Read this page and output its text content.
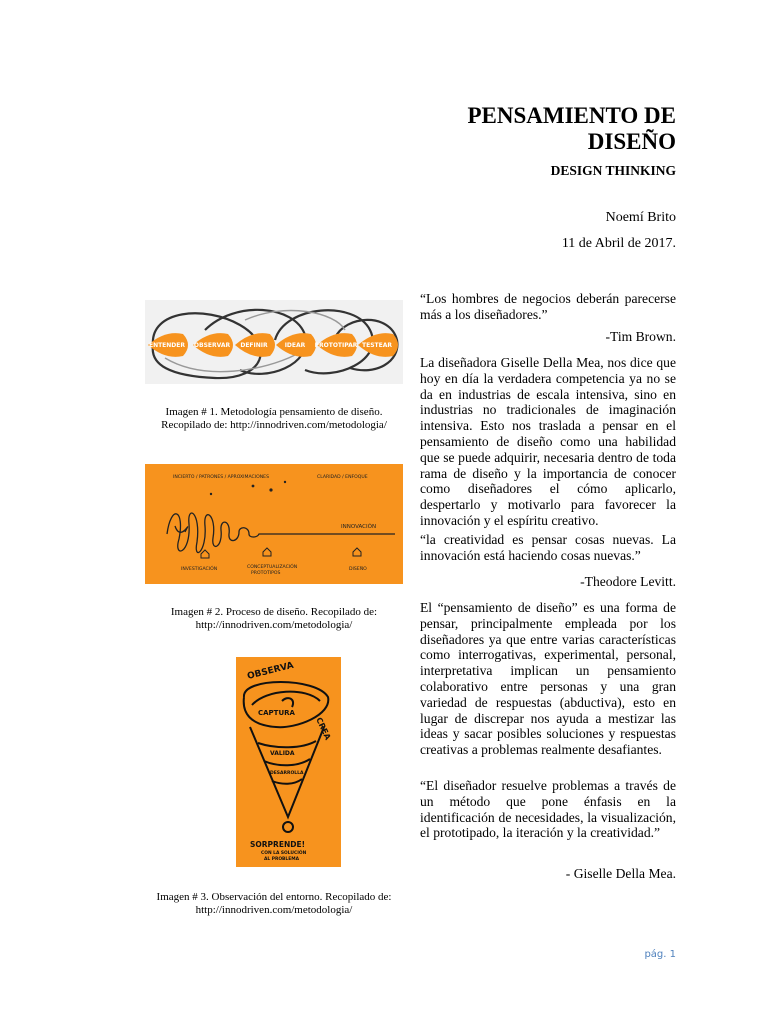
PENSAMIENTO DE
DISEÑO
DESIGN THINKING
Noemí Brito
11 de Abril de 2017.
“Los hombres de negocios deberán parecerse más a los diseñadores.”
-Tim Brown.
La diseñadora Giselle Della Mea, nos dice que hoy en día la verdadera competencia ya no se da en industrias de escala intensiva, sino en industrias no tradicionales de imaginación intensiva. Esto nos traslada a pensar en el pensamiento de diseño como una habilidad que se puede adquirir, necesaria dentro de toda rama de diseño y la importancia de conocer como diseñadores el cómo aplicarlo, despertarlo y motivarlo para favorecer la innovación y el espíritu creativo.
“la creatividad es pensar cosas nuevas. La innovación está haciendo cosas nuevas.”
-Theodore Levitt.
El “pensamiento de diseño” es una forma de pensar, principalmente empleada por los diseñadores ya que entre varias características como interrogativas, experimental, personal, interpretativa implican un pensamiento colaborativo entre personas y una gran variedad de respuestas (abductiva), esto en lugar de discrepar nos ayuda a mestizar las ideas y sacar posibles soluciones y respuestas creativas a problemas realmente desafiantes.
“El diseñador resuelve problemas a través de un método que pone énfasis en la identificación de necesidades, la visualización, el prototipado, la iteración y la creatividad.”
- Giselle Della Mea.
ENTENDER OBSERVAR DEFINIR	IDEAR PROTOTIPAR TESTEAR
Imagen # 1. Metodología pensamiento de diseño. Recopilado de: http://innodriven.com/metodologia/
INCIERTO / PATRONES / APROXIMACIONES	CLARIDAD / ENFOQUE
INNOVACIÓN
INVESTIGACIÓN	CONCEPTUALIZACIÓN
PROTOTIPOS
DISEÑO
Imagen # 2. Proceso de diseño. Recopilado de: http://innodriven.com/metodologia/
OBSERVA
CAPTURA
CREA
VALIDA
DESARROLLA
SORPRENDE!
CON LA SOLUCIÓN
AL PROBLEMA
Imagen # 3. Observación del entorno. Recopilado de: http://innodriven.com/metodologia/
pág. 1
